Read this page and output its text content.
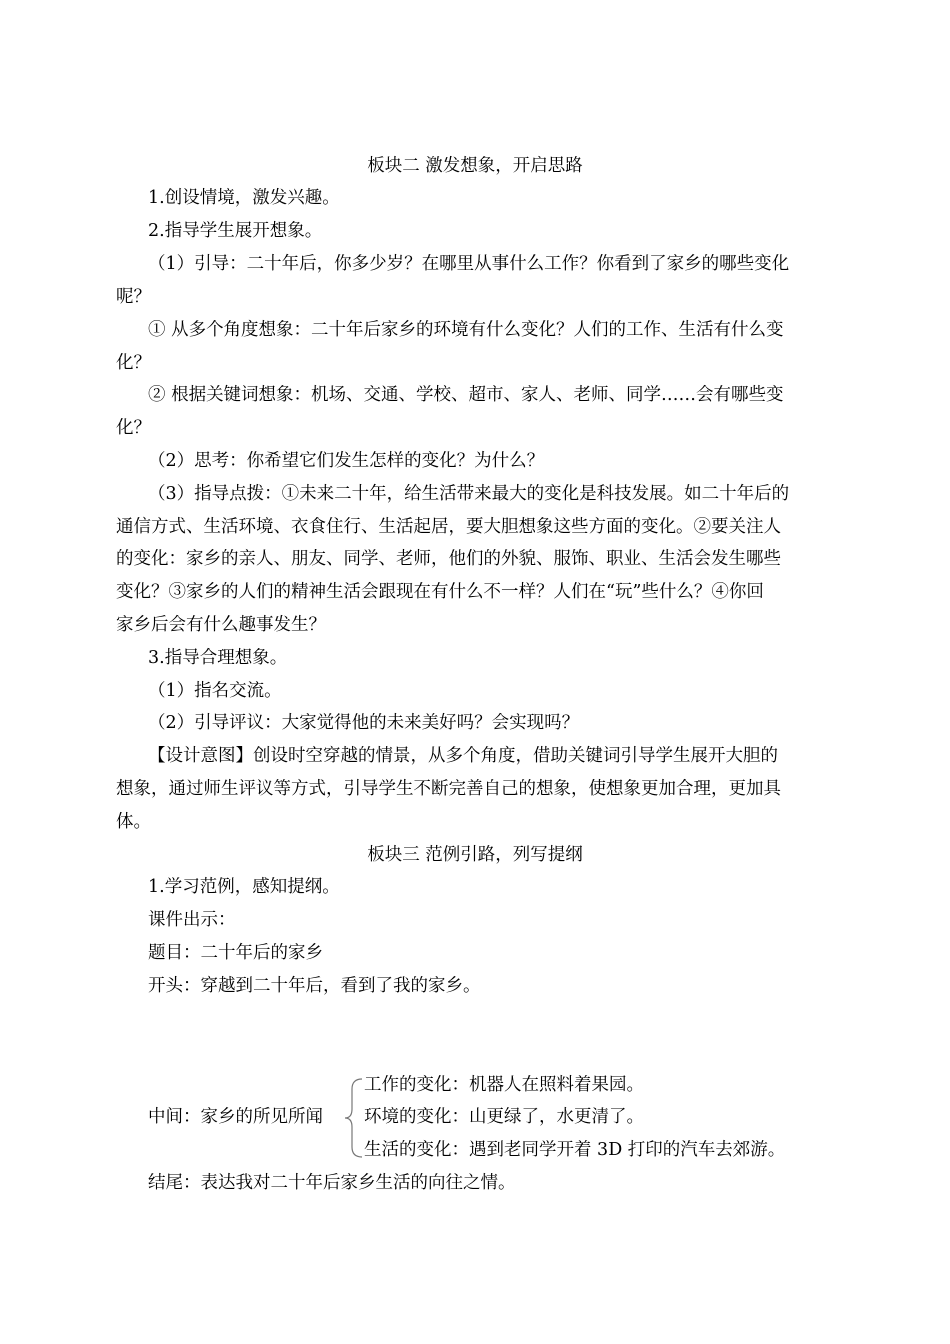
板块二 激发想象，开启思路
1.创设情境，激发兴趣。
2.指导学生展开想象。
（1）引导：二十年后，你多少岁？在哪里从事什么工作？你看到了家乡的哪些变化
呢？
① 从多个角度想象：二十年后家乡的环境有什么变化？人们的工作、生活有什么变
化？
② 根据关键词想象：机场、交通、学校、超市、家人、老师、同学……会有哪些变
化？
（2）思考：你希望它们发生怎样的变化？为什么？
（3）指导点拨：①未来二十年，给生活带来最大的变化是科技发展。如二十年后的
通信方式、生活环境、衣食住行、生活起居，要大胆想象这些方面的变化。②要关注人
的变化：家乡的亲人、朋友、同学、老师，他们的外貌、服饰、职业、生活会发生哪些
变化？③家乡的人们的精神生活会跟现在有什么不一样？人们在“玩”些什么？④你回
家乡后会有什么趣事发生？
3.指导合理想象。
（1）指名交流。
（2）引导评议：大家觉得他的未来美好吗？会实现吗？
【设计意图】创设时空穿越的情景，从多个角度，借助关键词引导学生展开大胆的
想象，通过师生评议等方式，引导学生不断完善自己的想象，使想象更加合理，更加具
体。
板块三 范例引路，列写提纲
1.学习范例，感知提纲。
课件出示：
题目：二十年后的家乡
开头：穿越到二十年后，看到了我的家乡。
中间：家乡的所见所闻
工作的变化：机器人在照料着果园。
环境的变化：山更绿了，水更清了。
生活的变化：遇到老同学开着 3D 打印的汽车去郊游。
结尾：表达我对二十年后家乡生活的向往之情。
